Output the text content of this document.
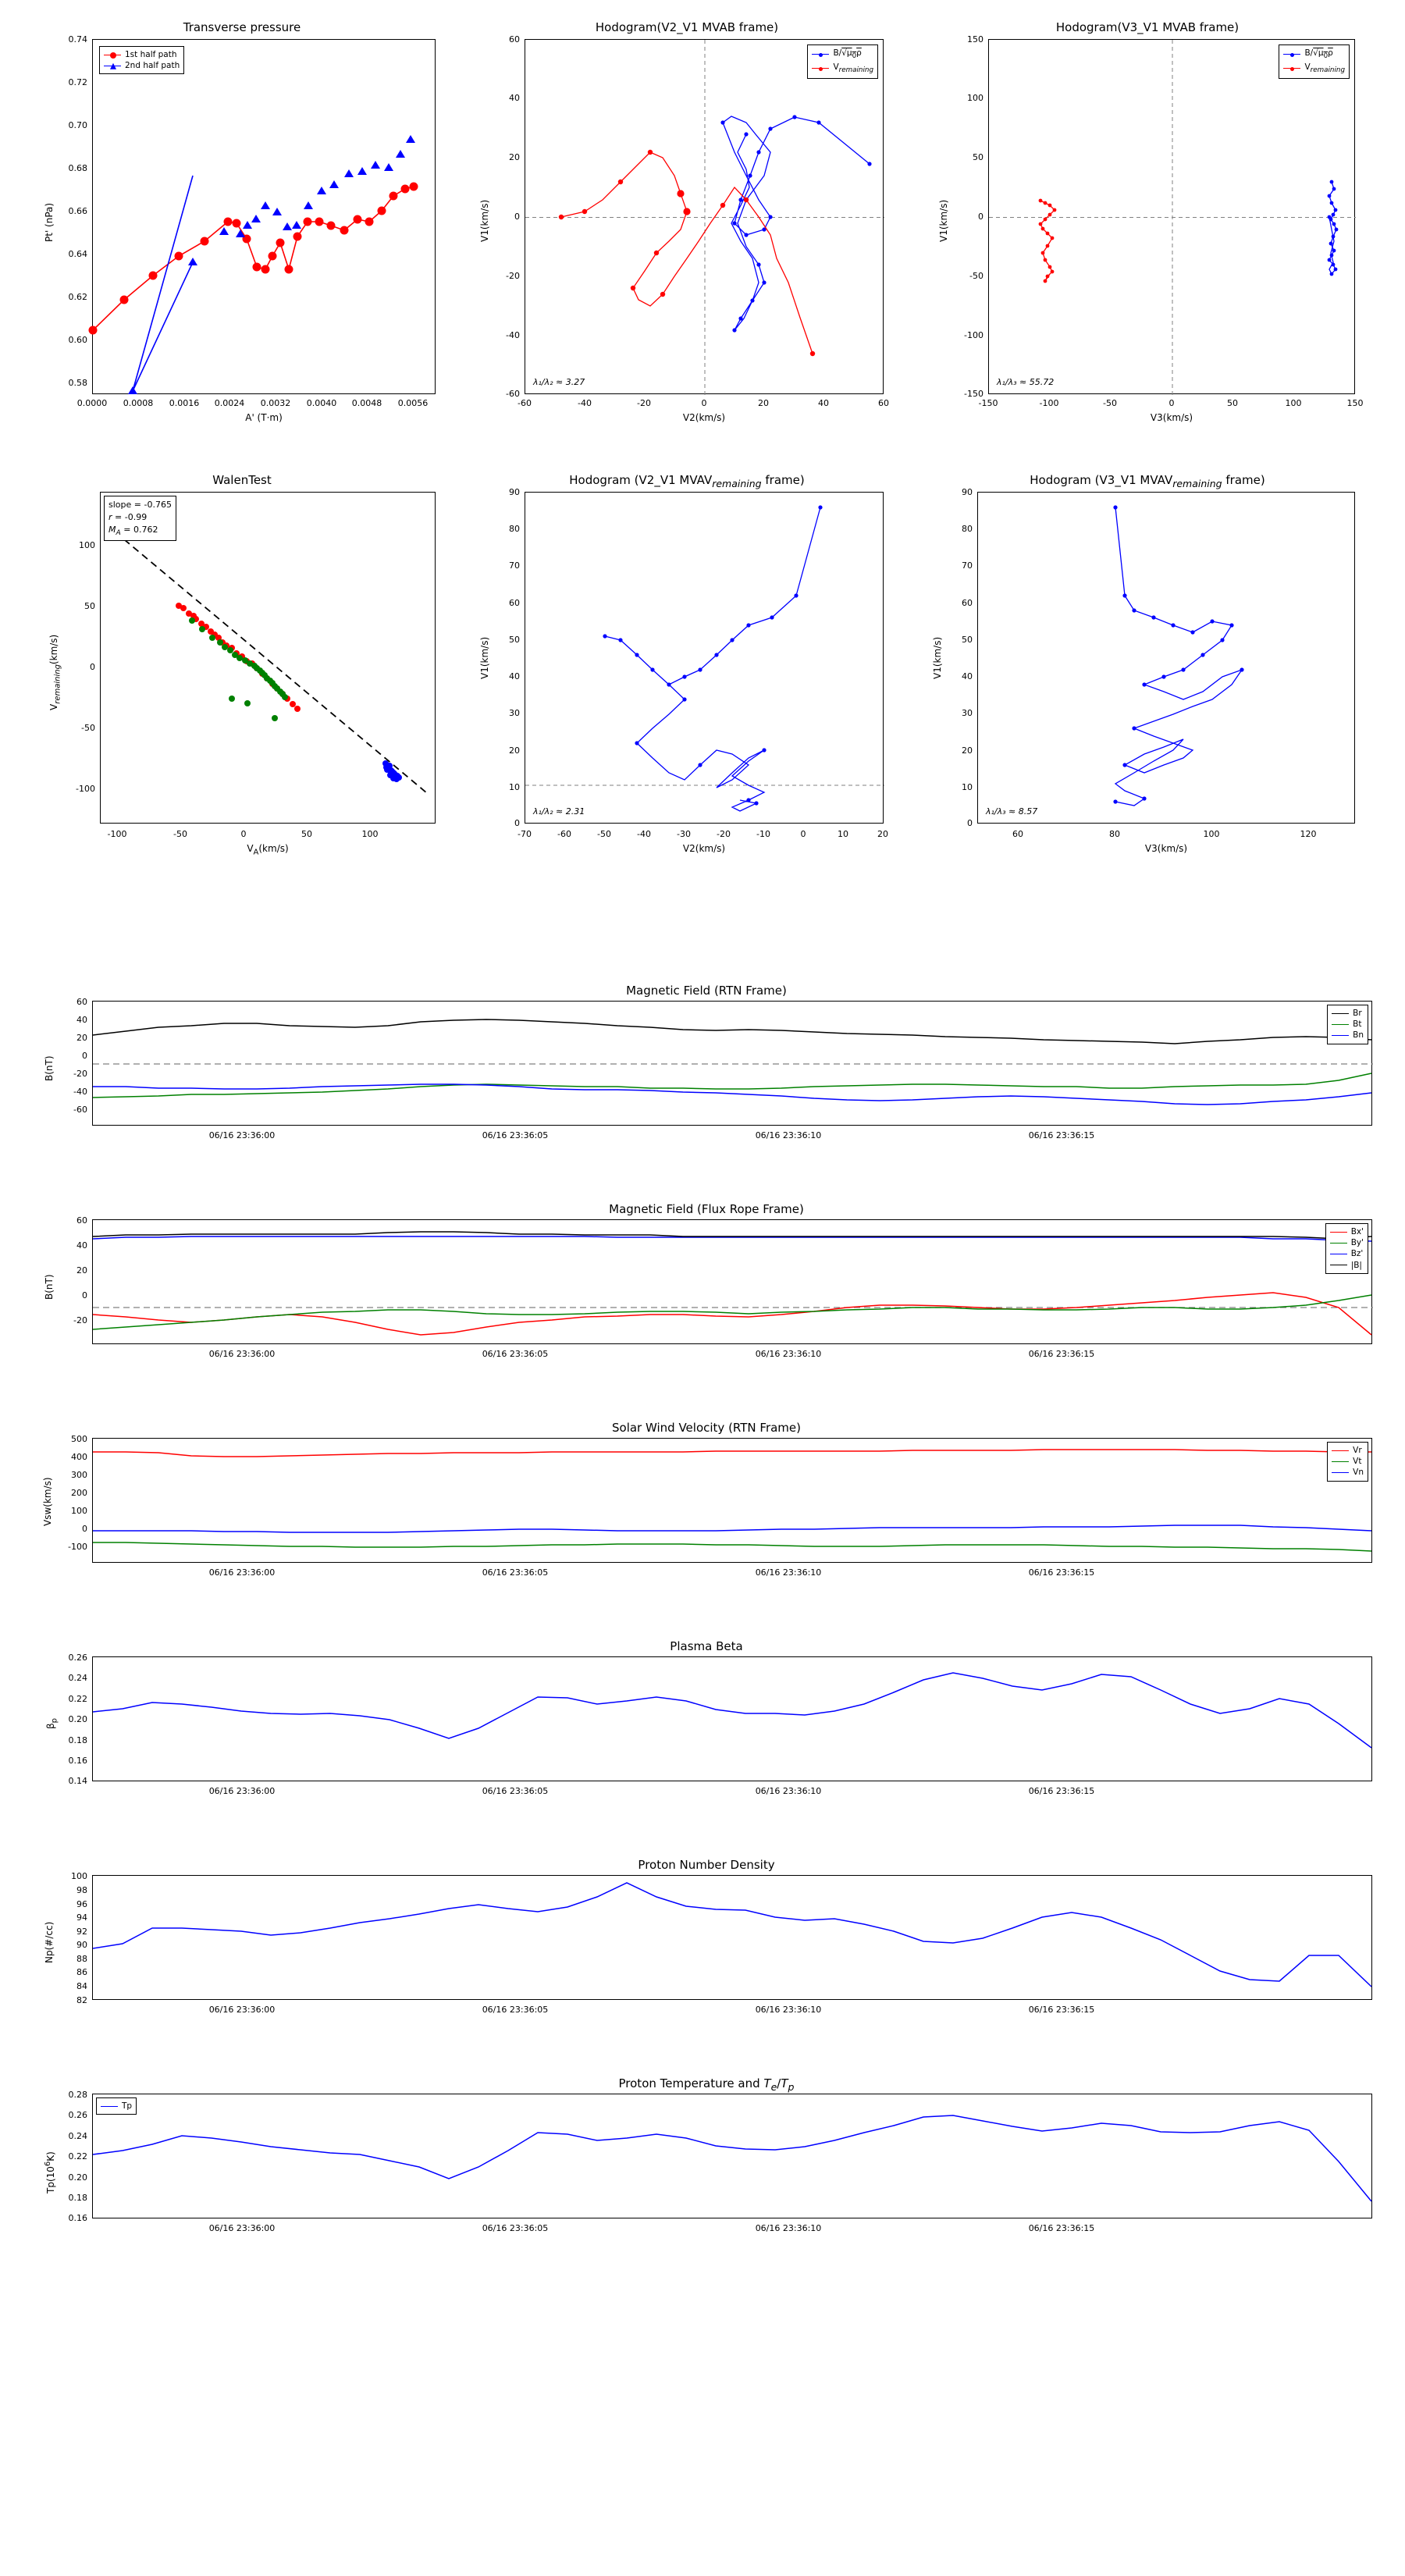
Transverse pressure
1st half path
2nd half path
0.74
0.72
0.70
0.68
0.66
0.64
0.62
0.60
0.58
0.0000	0.0008	0.0016	0.0024	0.0032	0.0040	0.0048	0.0056
A' (T·m)
Pt' (nPa)
Hodogram(V2_V1 MVAB frame)
$B/√\mu_0\rho$
$V_{remaining}$
λ₁/λ₂ ≈ 3.27
60
40
20
0
-20
-40
-60
-60	-40	-20	0	20	40	60
V2(km/s)
V1(km/s)
Hodogram(V3_V1 MVAB frame)
$B/√\mu_0\rho$
$V_{remaining}$
λ₁/λ₃ ≈ 55.72
150
100
50
0
-50
-100
-150
-150	-100	-50	0	50	100	150
V3(km/s)
V1(km/s)
WalenTest
slope = -0.765
r = -0.99
$M_A = 0.762$
100
50
0
-50
-100
-100	-50	0	50	100
$V_A(km/s)$
$V_{remaining}(km/s)$
Hodogram (V2_V1 $MVAV_{remaining}$ frame)
λ₁/λ₂ ≈ 2.31
90
80
70
60
50
40
30
20
10
0
-70	-60	-50	-40	-30	-20	-10	0	10	20
V2(km/s)
V1(km/s)
Hodogram (V3_V1 $MVAV_{remaining}$ frame)
λ₁/λ₃ ≈ 8.57
90
80
70
60
50
40
30
20
10
0
60	80	100	120
V3(km/s)
V1(km/s)
Magnetic Field (RTN Frame)
Br
Bt
Bn
60
40
20
0
-20
-40
-60
06/16 23:36:00	06/16 23:36:05	06/16 23:36:10	06/16 23:36:15
B(nT)
Magnetic Field (Flux Rope Frame)
Bx'
By'
Bz'
|B|
60
40
20
0
-20
06/16 23:36:00	06/16 23:36:05	06/16 23:36:10	06/16 23:36:15
B(nT)
Solar Wind Velocity (RTN Frame)
Vr
Vt
Vn
500
400
300
200
100
0
-100
06/16 23:36:00	06/16 23:36:05	06/16 23:36:10	06/16 23:36:15
Vsw(km/s)
Plasma Beta
0.26
0.24
0.22
0.20
0.18
0.16
0.14
06/16 23:36:00	06/16 23:36:05	06/16 23:36:10	06/16 23:36:15
$\beta_p$
Proton Number Density
100
98
96
94
92
90
88
86
84
82
06/16 23:36:00	06/16 23:36:05	06/16 23:36:10	06/16 23:36:15
Np(#/cc)
Proton Temperature and $T_e/T_p$
Tp
0.28
0.26
0.24
0.22
0.20
0.18
0.16
06/16 23:36:00	06/16 23:36:05	06/16 23:36:10	06/16 23:36:15
$Tp(10^6K)$
